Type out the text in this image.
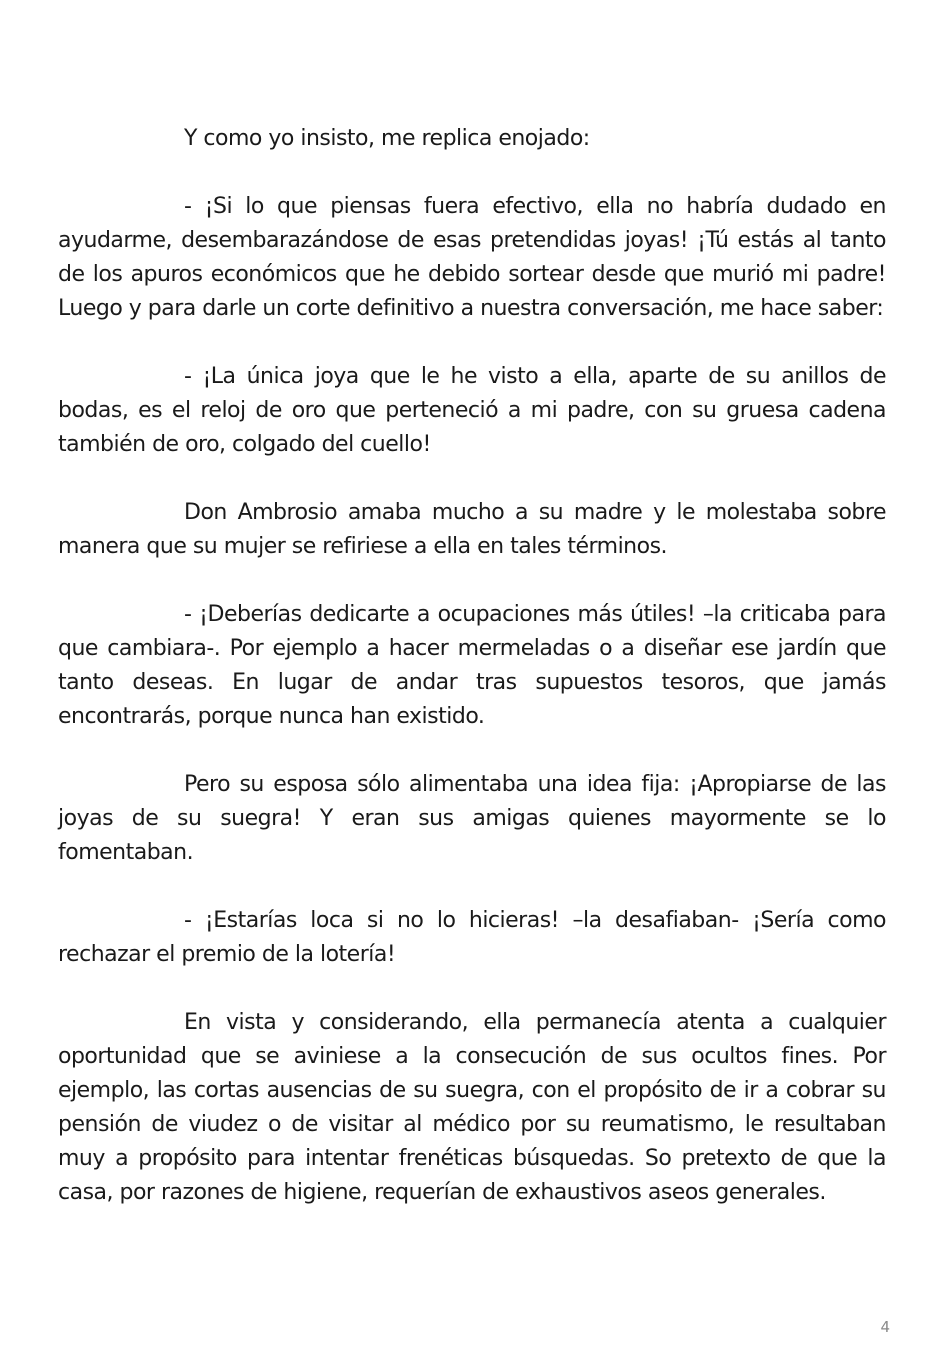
Y como yo insisto, me replica enojado:

- ¡Si lo que piensas fuera efectivo, ella no habría dudado en ayudarme, desembarazándose de esas pretendidas joyas! ¡Tú estás al tanto de los apuros económicos que he debido sortear desde que murió mi padre! Luego y para darle un corte definitivo a nuestra conversación, me hace saber:

- ¡La única joya que le he visto a ella, aparte de su anillos de bodas, es el reloj de oro que perteneció a mi padre, con su gruesa cadena también de oro, colgado del cuello!

Don Ambrosio amaba mucho a su madre y le molestaba sobre manera que su mujer se refiriese a ella en tales términos.

- ¡Deberías dedicarte a ocupaciones más útiles! –la criticaba para que cambiara-. Por ejemplo a hacer mermeladas o a diseñar ese jardín que tanto deseas. En lugar de andar tras supuestos tesoros, que jamás encontrarás, porque nunca han existido.

Pero su esposa sólo alimentaba una idea fija: ¡Apropiarse de las joyas de su suegra! Y eran sus amigas quienes mayormente se lo fomentaban.

- ¡Estarías loca si no lo hicieras! –la desafiaban- ¡Sería como rechazar el premio de la lotería!

En vista y considerando, ella permanecía atenta a cualquier oportunidad que se aviniese a la consecución de sus ocultos fines. Por ejemplo, las cortas ausencias de su suegra, con el propósito de ir a cobrar su pensión de viudez o de visitar al médico por su reumatismo, le resultaban muy a propósito para intentar frenéticas búsquedas. So pretexto de que la casa, por razones de higiene, requerían de exhaustivos aseos generales.

4
